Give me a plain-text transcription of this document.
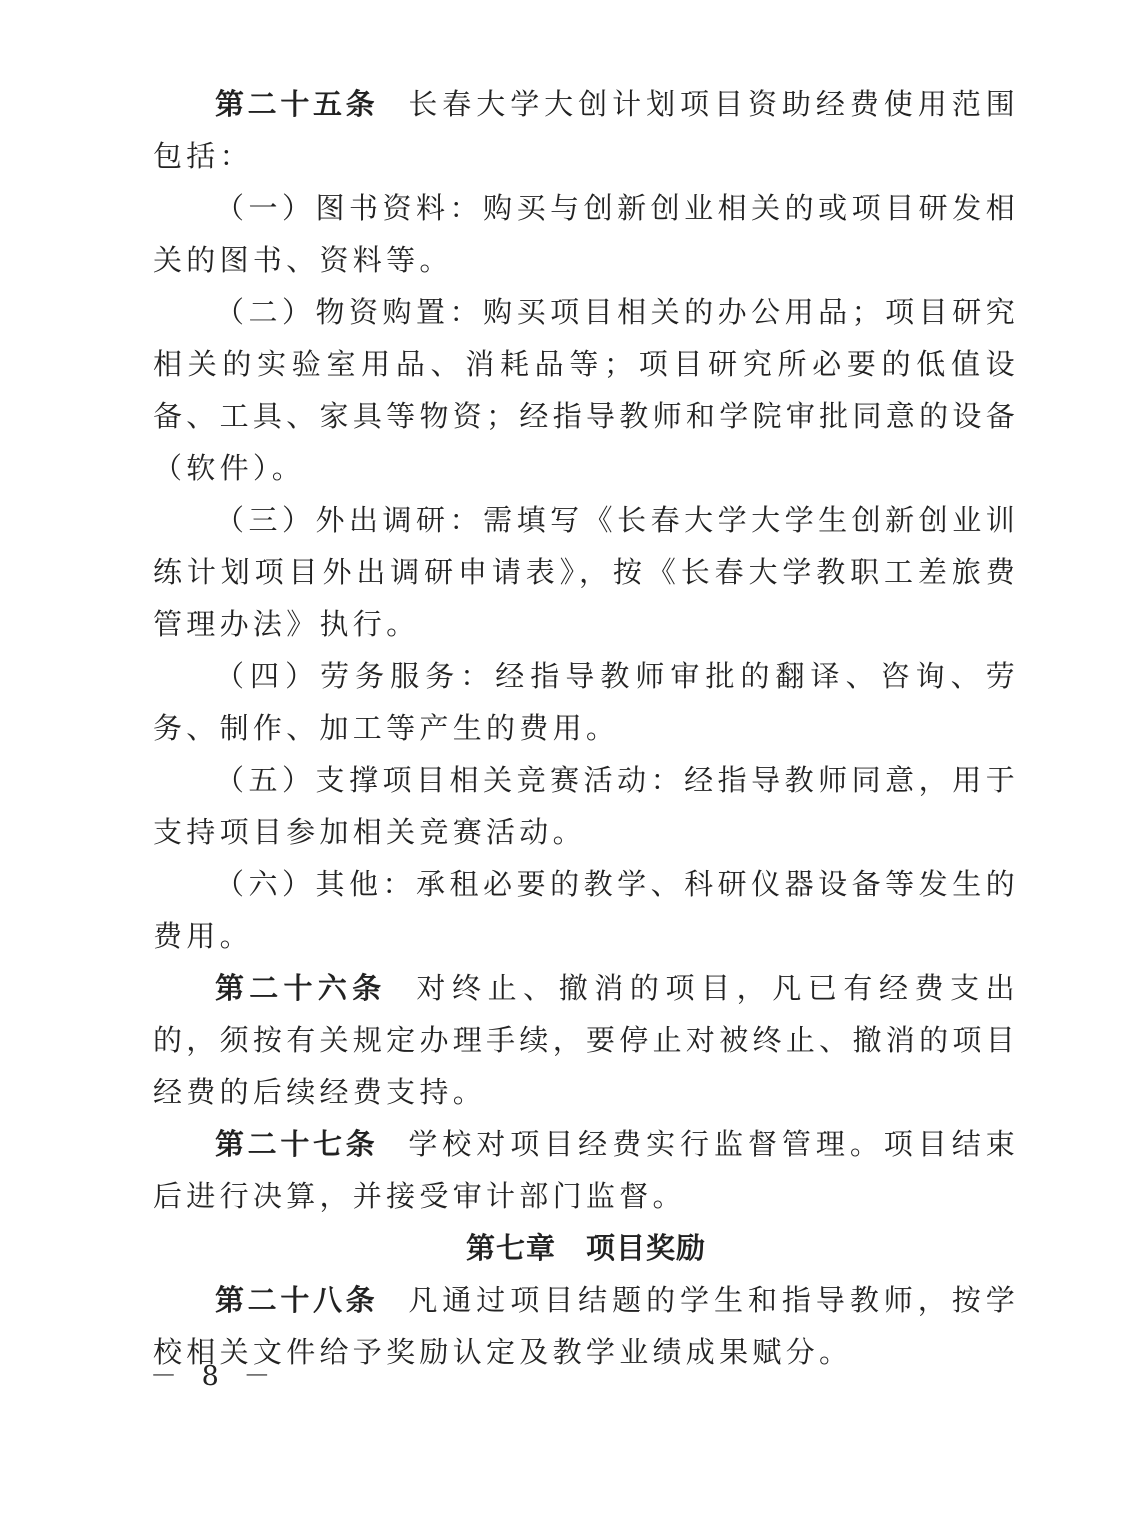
第二十五条 长春大学大创计划项目资助经费使用范围包括：

（一）图书资料：购买与创新创业相关的或项目研发相关的图书、资料等。

（二）物资购置：购买项目相关的办公用品；项目研究相关的实验室用品、消耗品等；项目研究所必要的低值设备、工具、家具等物资；经指导教师和学院审批同意的设备（软件）。

（三）外出调研：需填写《长春大学大学生创新创业训练计划项目外出调研申请表》，按《长春大学教职工差旅费管理办法》执行。

（四）劳务服务：经指导教师审批的翻译、咨询、劳务、制作、加工等产生的费用。

（五）支撑项目相关竞赛活动：经指导教师同意，用于支持项目参加相关竞赛活动。

（六）其他：承租必要的教学、科研仪器设备等发生的费用。

第二十六条 对终止、撤消的项目，凡已有经费支出的，须按有关规定办理手续，要停止对被终止、撤消的项目经费的后续经费支持。

第二十七条 学校对项目经费实行监督管理。项目结束后进行决算，并接受审计部门监督。

第七章 项目奖励

第二十八条 凡通过项目结题的学生和指导教师，按学校相关文件给予奖励认定及教学业绩成果赋分。

－ 8 －
